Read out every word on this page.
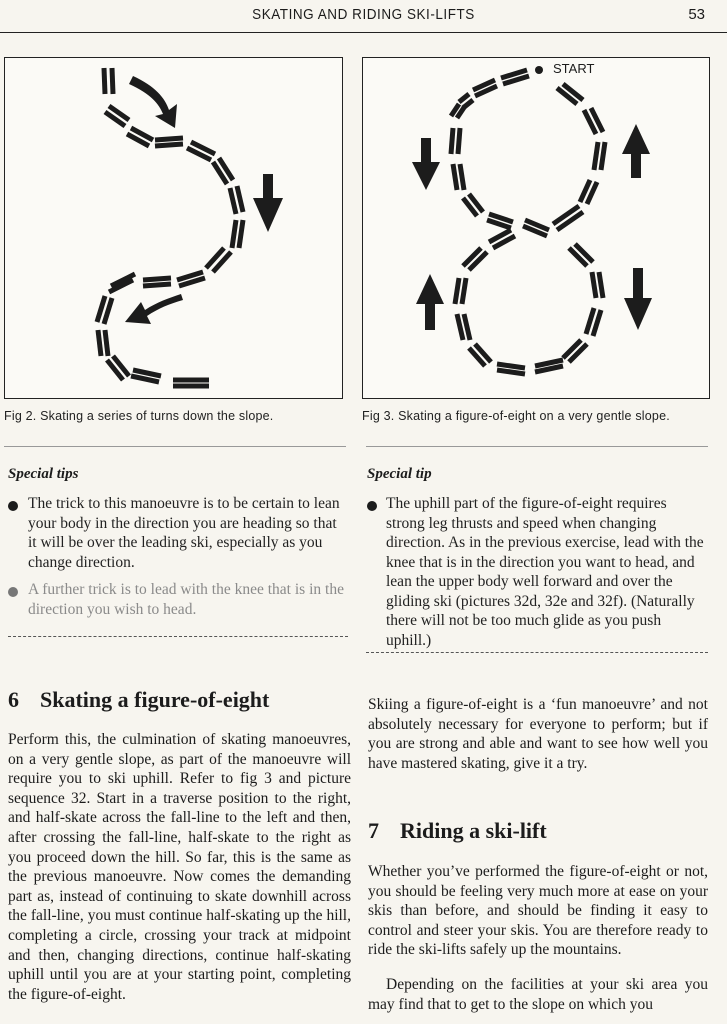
SKATING AND RIDING SKI-LIFTS	53
START
Fig 2. Skating a series of turns down the slope.	Fig 3. Skating a figure-of-eight on a very gentle slope.
Special tips
The trick to this manoeuvre is to be certain to lean your body in the direction you are heading so that it will be over the leading ski, especially as you change direction.
A further trick is to lead with the knee that is in the direction you wish to head.
Special tip
The uphill part of the figure-of-eight requires strong leg thrusts and speed when changing direction. As in the previous exercise, lead with the knee that is in the direction you want to head, and lean the upper body well forward and over the gliding ski (pictures 32d, 32e and 32f). (Naturally there will not be too much glide as you push uphill.)
6 Skating a figure-of-eight
Perform this, the culmination of skating manoeuvres, on a very gentle slope, as part of the manoeuvre will require you to ski uphill. Refer to fig 3 and picture sequence 32. Start in a traverse position to the right, and half-skate across the fall-line to the left and then, after crossing the fall-line, half-skate to the right as you proceed down the hill. So far, this is the same as the previous manoeuvre. Now comes the demanding part as, instead of continuing to skate downhill across the fall-line, you must continue half-skating up the hill, completing a circle, crossing your track at midpoint and then, changing directions, continue half-skating uphill until you are at your starting point, completing the figure-of-eight.
Skiing a figure-of-eight is a ‘fun manoeuvre’ and not absolutely necessary for everyone to perform; but if you are strong and able and want to see how well you have mastered skating, give it a try.
7 Riding a ski-lift
Whether you’ve performed the figure-of-eight or not, you should be feeling very much more at ease on your skis than before, and should be finding it easy to control and steer your skis. You are therefore ready to ride the ski-lifts safely up the mountains.
Depending on the facilities at your ski area you may find that to get to the slope on which you
